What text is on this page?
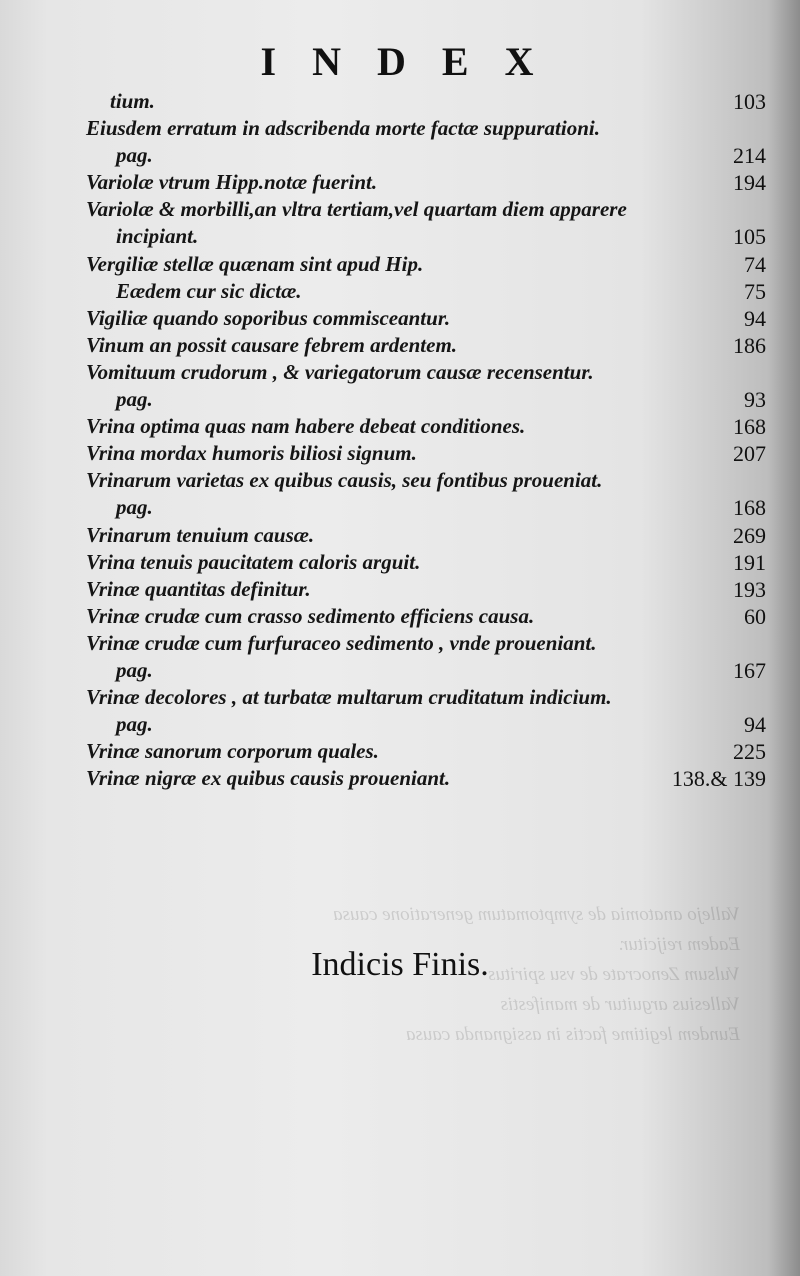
Vallejo anatomia de symptomatum generatione causa
Eadem reijcitur.
Vulsum Zenocrate de vsu spiritus
Vallesius arguitur de manifestis
Eundem legitime factis in assignanda causa
INDEX
tium.	103
Eiusdem erratum in adscribenda morte factæ suppurationi.
pag.	214
Variolæ vtrum Hipp.notæ fuerint.	194
Variolæ & morbilli,an vltra tertiam,vel quartam diem apparere
incipiant.	105
Vergiliæ stellæ quænam sint apud Hip.	74
Eædem cur sic dictæ.	75
Vigiliæ quando soporibus commisceantur.	94
Vinum an possit causare febrem ardentem.	186
Vomituum crudorum , & variegatorum causæ recensentur.
pag.	93
Vrina optima quas nam habere debeat conditiones.	168
Vrina mordax humoris biliosi signum.	207
Vrinarum varietas ex quibus causis, seu fontibus proueniat.
pag.	168
Vrinarum tenuium causæ.	269
Vrina tenuis paucitatem caloris arguit.	191
Vrinæ quantitas definitur.	193
Vrinæ crudæ cum crasso sedimento efficiens causa.	60
Vrinæ crudæ cum furfuraceo sedimento , vnde proueniant.
pag.	167
Vrinæ decolores , at turbatæ multarum cruditatum indicium.
pag.	94
Vrinæ sanorum corporum quales.	225
Vrinæ nigræ ex quibus causis proueniant.	138.& 139
Indicis Finis.
